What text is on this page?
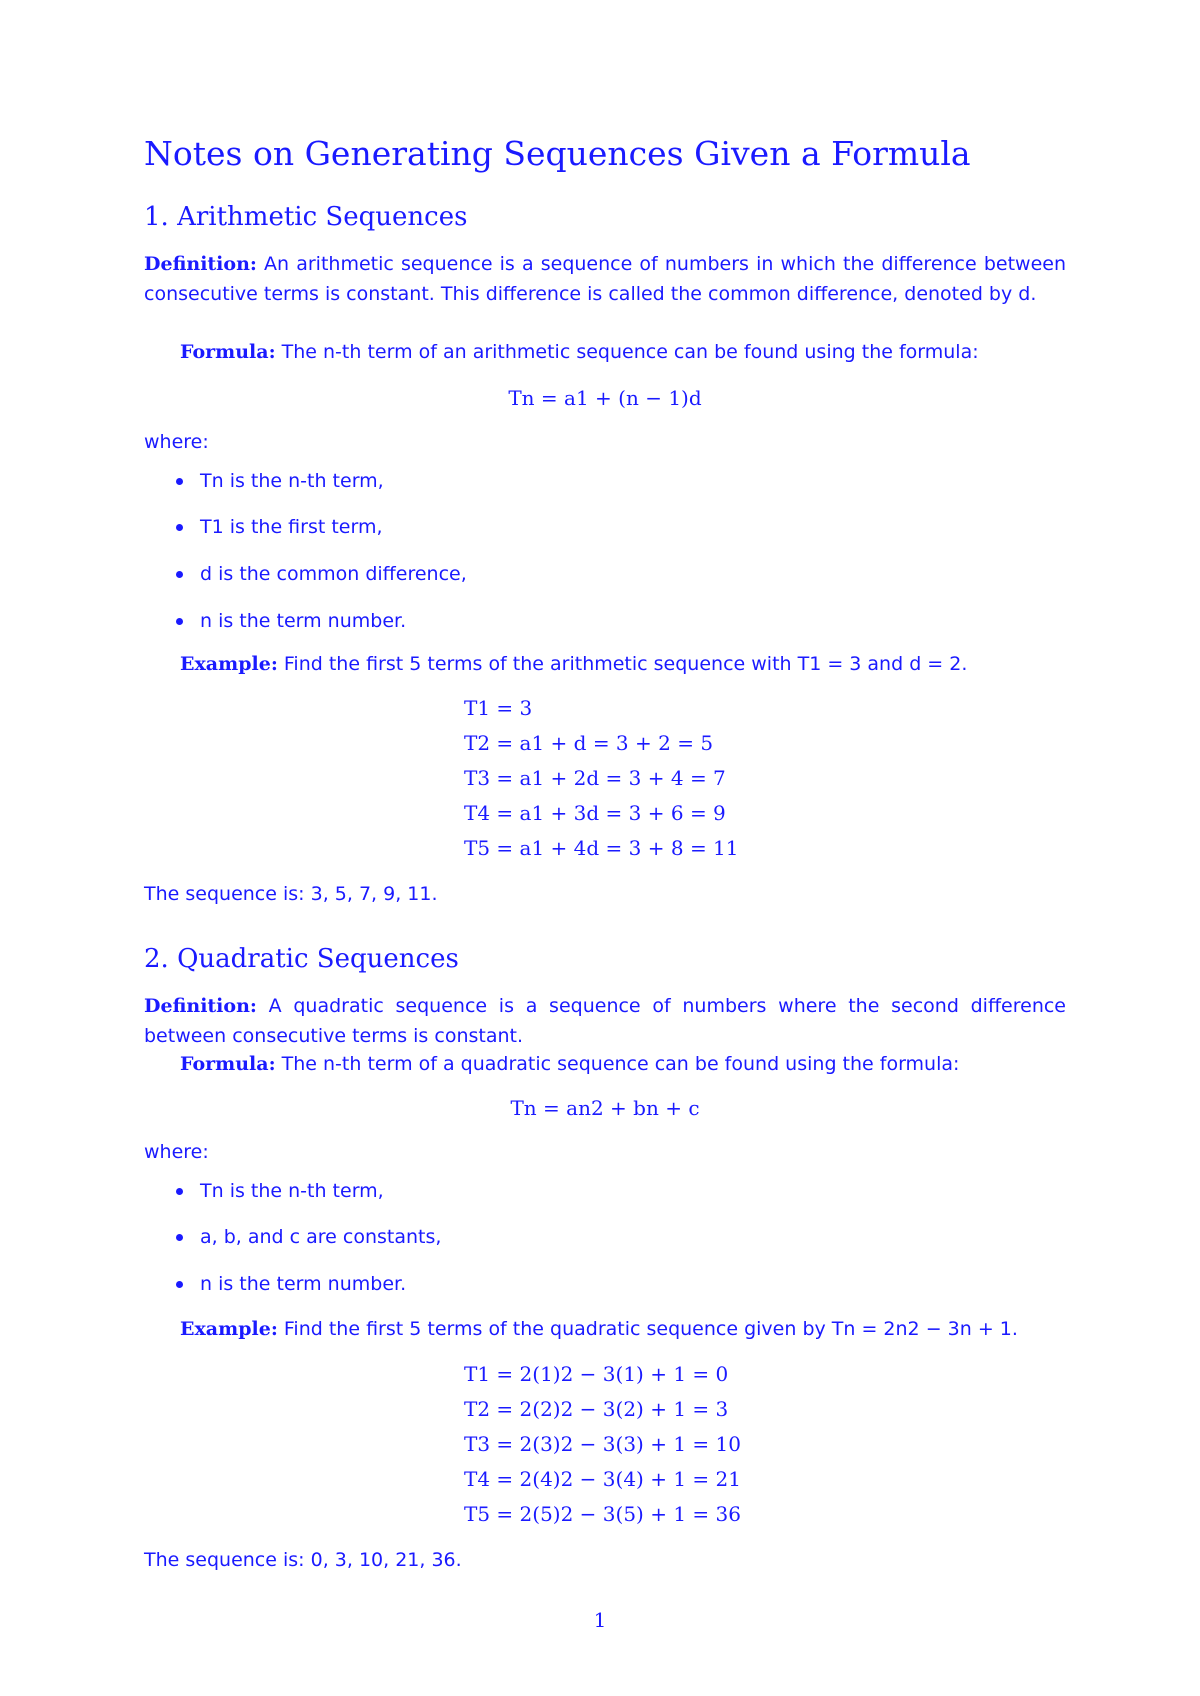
Notes on Generating Sequences Given a Formula
1. Arithmetic Sequences

Definition: An arithmetic sequence is a sequence of numbers in which the difference between consecutive terms is constant. This difference is called the common difference, denoted by d.

Formula: The n-th term of an arithmetic sequence can be found using the formula:

Tn = a1 + (n − 1)d

where:

Tn is the n-th term,
T1 is the first term,
d is the common difference,
n is the term number.

Example: Find the first 5 terms of the arithmetic sequence with T1 = 3 and d = 2.

T1 = 3
T2 = a1 + d = 3 + 2 = 5
T3 = a1 + 2d = 3 + 4 = 7
T4 = a1 + 3d = 3 + 6 = 9
T5 = a1 + 4d = 3 + 8 = 11

The sequence is: 3, 5, 7, 9, 11.

2. Quadratic Sequences

Definition: A quadratic sequence is a sequence of numbers where the second difference between consecutive terms is constant.

Formula: The n-th term of a quadratic sequence can be found using the formula:

Tn = an2 + bn + c

where:

Tn is the n-th term,
a, b, and c are constants,
n is the term number.

Example: Find the first 5 terms of the quadratic sequence given by Tn = 2n2 − 3n + 1.

T1 = 2(1)2 − 3(1) + 1 = 0
T2 = 2(2)2 − 3(2) + 1 = 3
T3 = 2(3)2 − 3(3) + 1 = 10
T4 = 2(4)2 − 3(4) + 1 = 21
T5 = 2(5)2 − 3(5) + 1 = 36

The sequence is: 0, 3, 10, 21, 36.

1
